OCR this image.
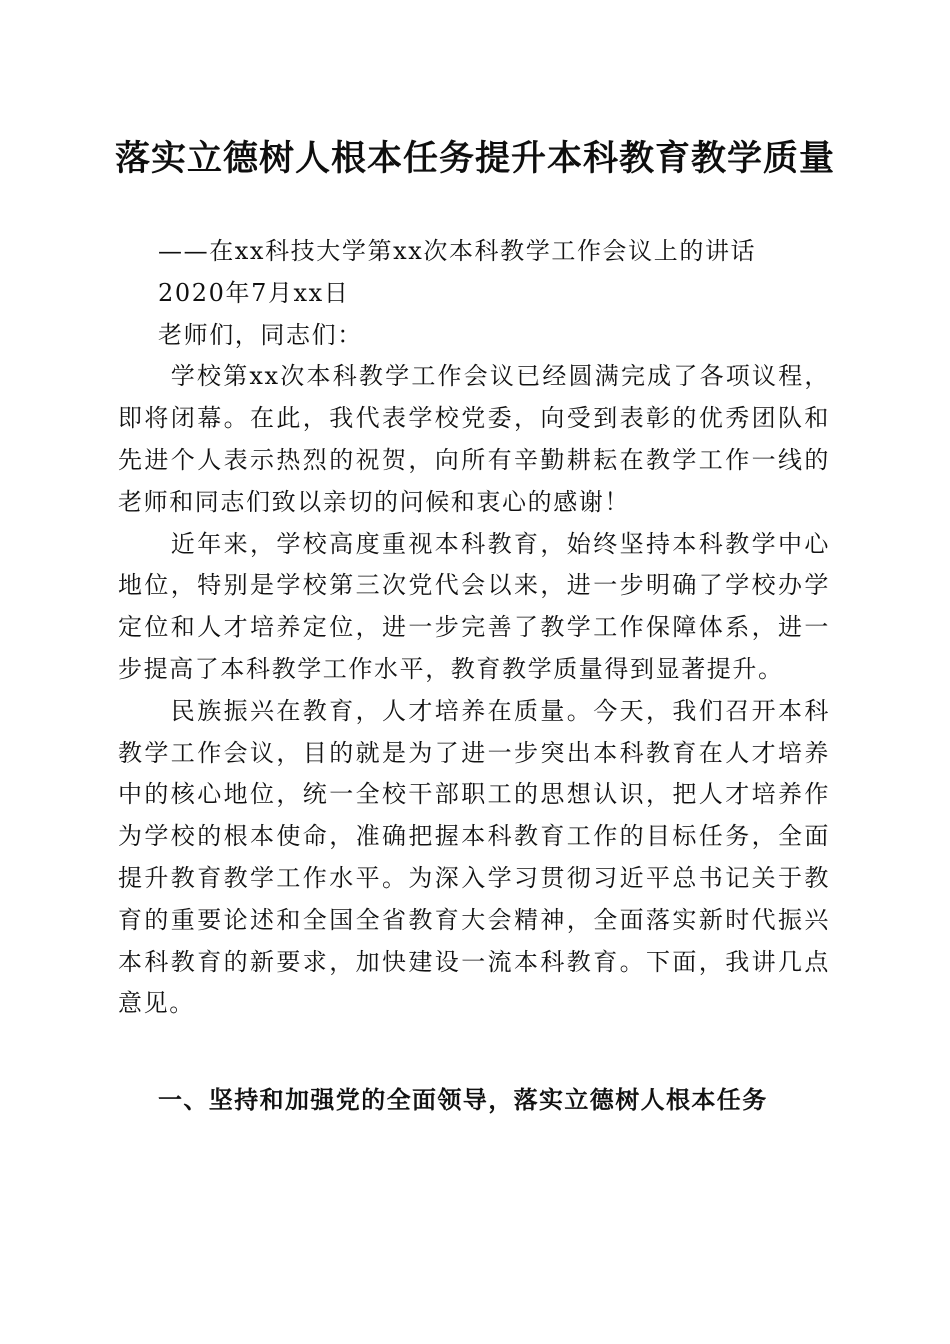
落实立德树人根本任务提升本科教育教学质量

——在xx科技大学第xx次本科教学工作会议上的讲话

2020年7月xx日

老师们，同志们：

学校第xx次本科教学工作会议已经圆满完成了各项议程，即将闭幕。在此，我代表学校党委，向受到表彰的优秀团队和先进个人表示热烈的祝贺，向所有辛勤耕耘在教学工作一线的老师和同志们致以亲切的问候和衷心的感谢！

近年来，学校高度重视本科教育，始终坚持本科教学中心地位，特别是学校第三次党代会以来，进一步明确了学校办学定位和人才培养定位，进一步完善了教学工作保障体系，进一步提高了本科教学工作水平，教育教学质量得到显著提升。

民族振兴在教育，人才培养在质量。今天，我们召开本科教学工作会议，目的就是为了进一步突出本科教育在人才培养中的核心地位，统一全校干部职工的思想认识，把人才培养作为学校的根本使命，准确把握本科教育工作的目标任务，全面提升教育教学工作水平。为深入学习贯彻习近平总书记关于教育的重要论述和全国全省教育大会精神，全面落实新时代振兴本科教育的新要求，加快建设一流本科教育。下面，我讲几点意见。

一、坚持和加强党的全面领导，落实立德树人根本任务
